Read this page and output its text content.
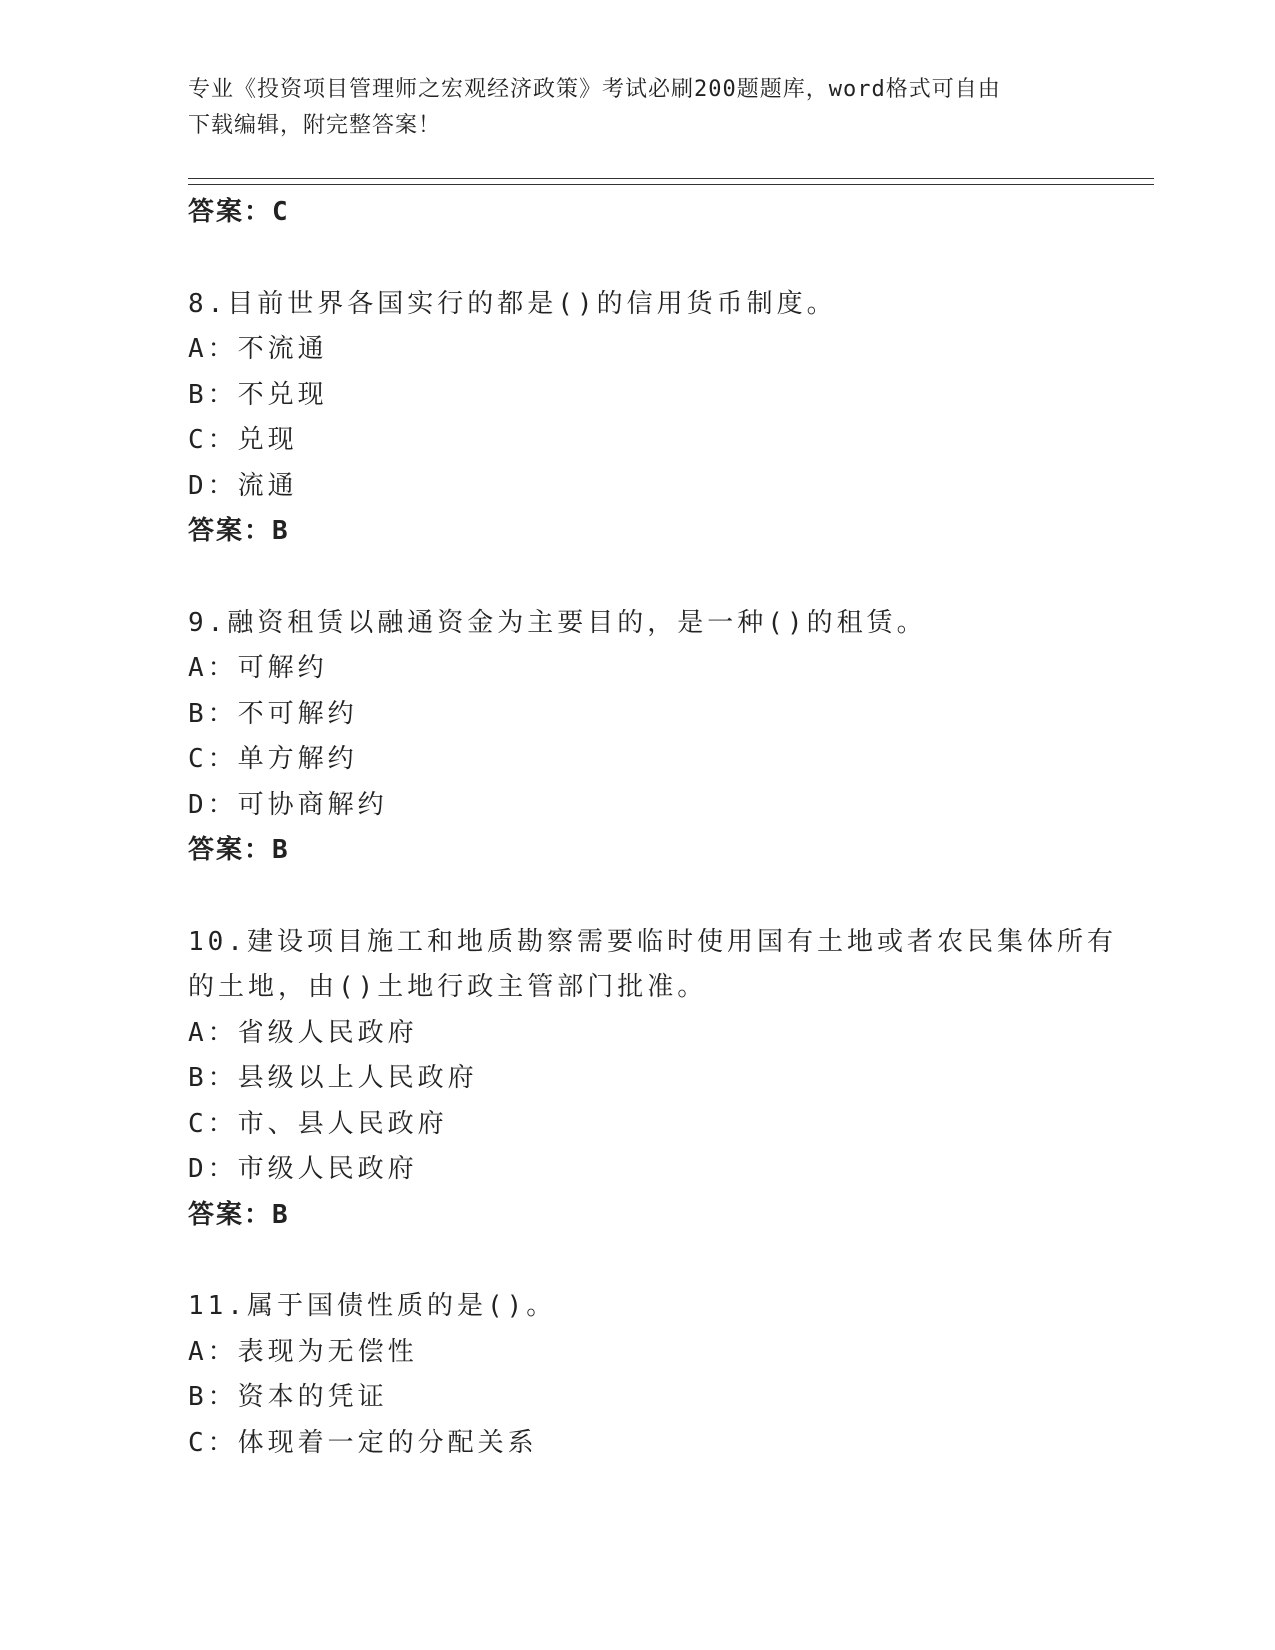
专业《投资项目管理师之宏观经济政策》考试必刷200题题库，word格式可自由
下载编辑，附完整答案！
答案：C
8.目前世界各国实行的都是()的信用货币制度。
A：不流通
B：不兑现
C：兑现
D：流通
答案：B
9.融资租赁以融通资金为主要目的，是一种()的租赁。
A：可解约
B：不可解约
C：单方解约
D：可协商解约
答案：B
10.建设项目施工和地质勘察需要临时使用国有土地或者农民集体所有
的土地，由()土地行政主管部门批准。
A：省级人民政府
B：县级以上人民政府
C：市、县人民政府
D：市级人民政府
答案：B
11.属于国债性质的是()。
A：表现为无偿性
B：资本的凭证
C：体现着一定的分配关系
